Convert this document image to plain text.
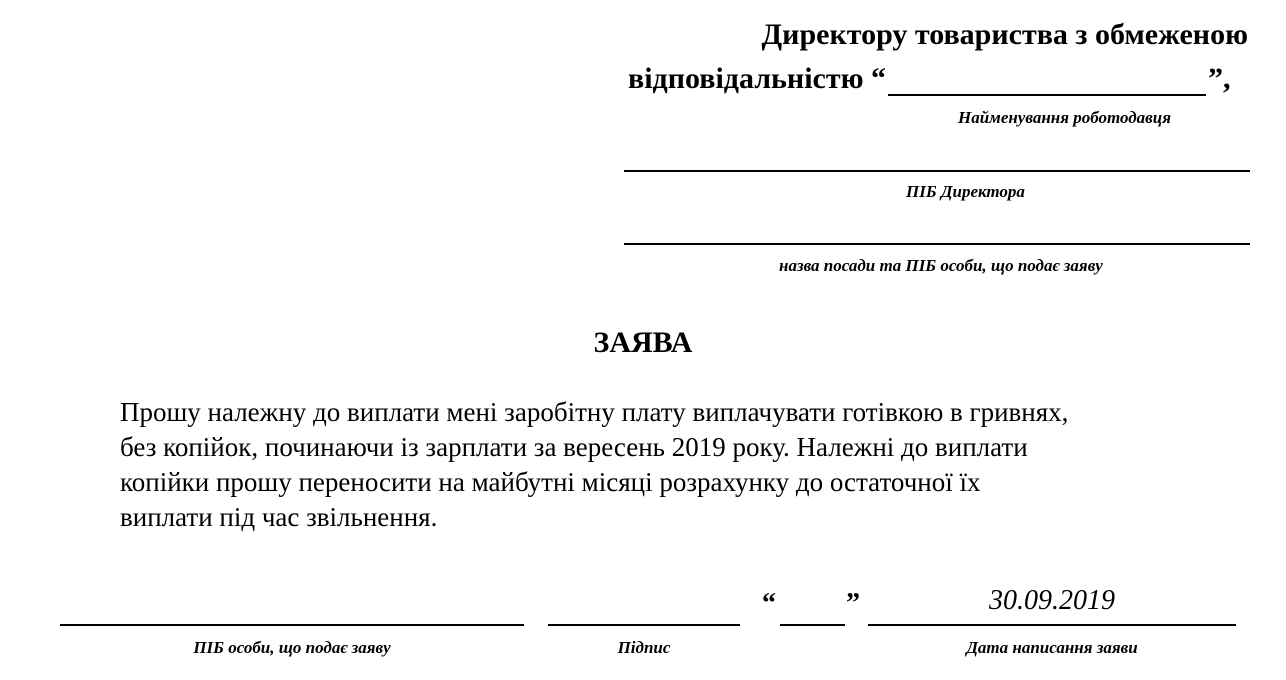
Директору товариства з обмеженою
відповідальністю “	”,
Найменування роботодавця
ПІБ Директора
назва посади та ПІБ особи, що подає заяву
ЗАЯВА

Прошу належну до виплати мені заробітну плату виплачувати готівкою в гривнях,

без копійок, починаючи із зарплати за вересень 2019 року. Належні до виплати

копійки прошу переносити на майбутні місяці розрахунку до остаточної їх

виплати під час звільнення.

“	”	30.09.2019
ПІБ особи, що подає заяву	Підпис	Дата написання заяви
